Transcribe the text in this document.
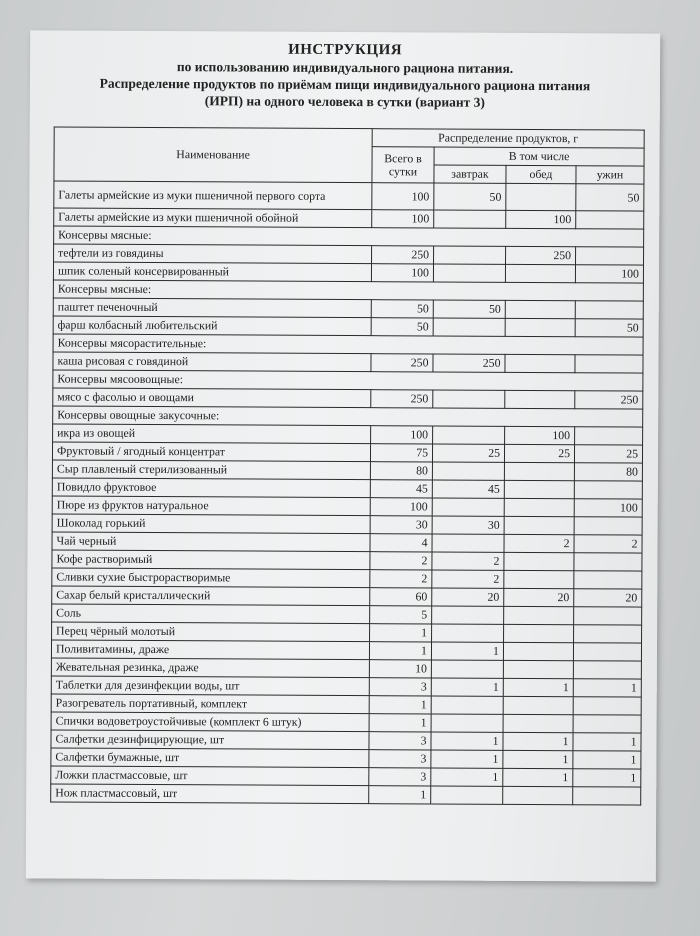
ИНСТРУКЦИЯ
по использованию индивидуального рациона питания.
Распределение продуктов по приёмам пищи индивидуального рациона питания
(ИРП) на одного человека в сутки (вариант 3)
Наименование	Распределение продуктов, г			
	Всего в сутки	В том числе		
		завтрак	обед	ужин
Галеты армейские из муки пшеничной первого сорта	100	50		50
Галеты армейские из муки пшеничной обойной	100		100	
Консервы мясные:				
тефтели из говядины	250		250	
шпик соленый консервированный	100			100
Консервы мясные:				
паштет печеночный	50	50		
фарш колбасный любительский	50			50
Консервы мясорастительные:				
каша рисовая с говядиной	250	250		
Консервы мясоовощные:				
мясо с фасолью и овощами	250			250
Консервы овощные закусочные:				
икра из овощей	100		100	
Фруктовый / ягодный концентрат	75	25	25	25
Сыр плавленый стерилизованный	80			80
Повидло фруктовое	45	45		
Пюре из фруктов натуральное	100			100
Шоколад горький	30	30		
Чай черный	4		2	2
Кофе растворимый	2	2		
Сливки сухие быстрорастворимые	2	2		
Сахар белый кристаллический	60	20	20	20
Соль	5			
Перец чёрный молотый	1			
Поливитамины, драже	1	1		
Жевательная резинка, драже	10			
Таблетки для дезинфекции воды, шт	3	1	1	1
Разогреватель портативный, комплект	1			
Спички водоветроустойчивые (комплект 6 штук)	1			
Салфетки дезинфицирующие, шт	3	1	1	1
Салфетки бумажные, шт	3	1	1	1
Ложки пластмассовые, шт	3	1	1	1
Нож пластмассовый, шт	1			
